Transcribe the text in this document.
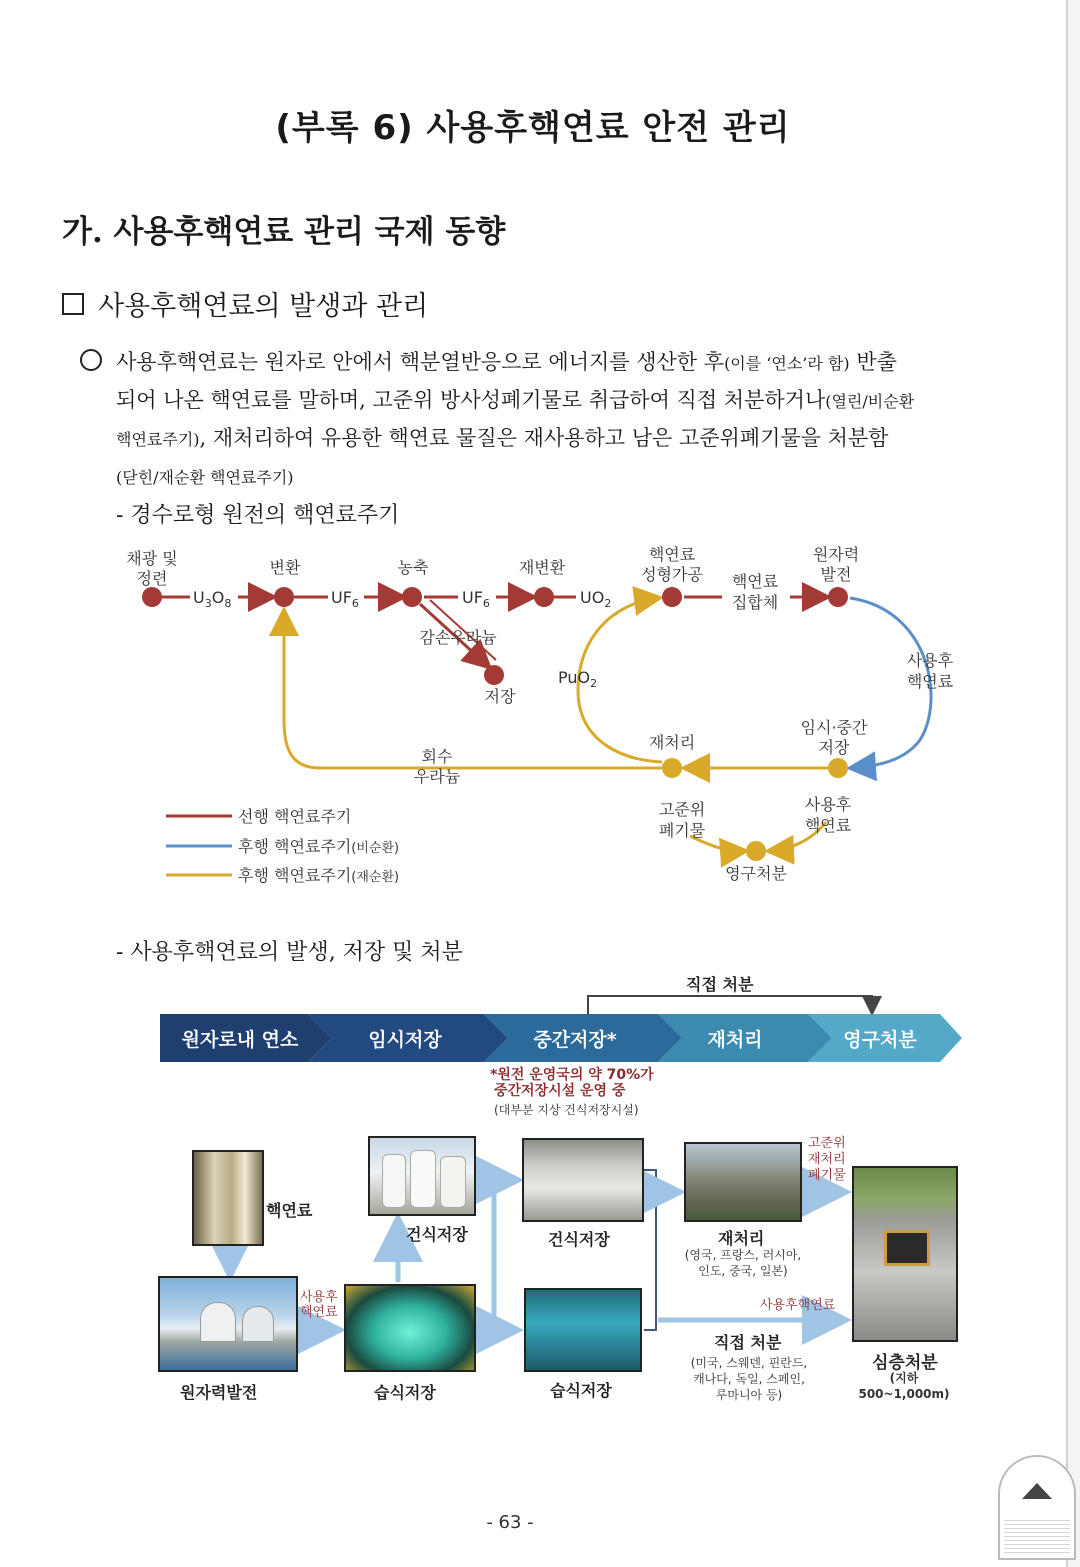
(부록 6) 사용후핵연료 안전 관리
가. 사용후핵연료 관리 국제 동향
사용후핵연료의 발생과 관리
사용후핵연료는 원자로 안에서 핵분열반응으로 에너지를 생산한 후(이를 ‘연소’라 함) 반출
되어 나온 핵연료를 말하며, 고준위 방사성폐기물로 취급하여 직접 처분하거나(열린/비순환
핵연료주기), 재처리하여 유용한 핵연료 물질은 재사용하고 남은 고준위폐기물을 처분함
(닫힌/재순환 핵연료주기)
- 경수로형 원전의 핵연료주기
채광 및
정련
변환	농축	재변환
핵연료
성형가공 핵연료
집합체
원자력
발전
사용후
핵연료
임시·중간
저장
재처리
고준위
폐기물
사용후
핵연료
영구처분
감손우라늄
저장
회수
우라늄
$U_3O_8$	$UF_6$	$UF_6$	$UO_2$
PuO$_2$
선행 핵연료주기
후행 핵연료주기(비순환)
후행 핵연료주기(재순환)
- 사용후핵연료의 발생, 저장 및 처분
원자로내 연소	임시저장	중간저장*	재처리	영구처분
직접 처분
*원전 운영국의 약 70%가
중간저장시설 운영 중
(대부분 지상 건식저장시설)
핵연료
원자력발전
사용후
핵연료
건식저장
습식저장
건식저장
습식저장
재처리
(영국, 프랑스, 러시아,
인도, 중국, 일본)
고준위
재처리
폐기물
사용후핵연료
직접 처분
(미국, 스웨덴, 핀란드,
캐나다, 독일, 스페인,
루마니아 등)
심층처분
(지하 500~1,000m)
- 63 -
